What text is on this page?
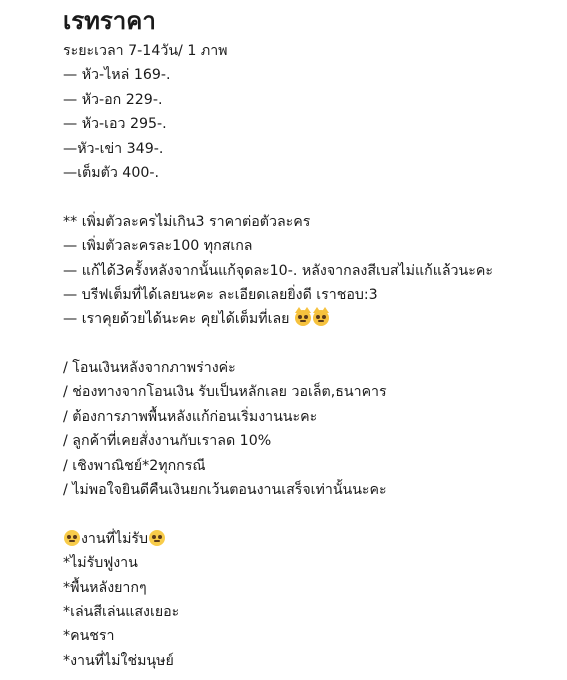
เรทราคา
ระยะเวลา 7-14วัน/ 1 ภาพ
— หัว-ไหล่ 169-.
— หัว-อก 229-.
— หัว-เอว 295-.
—หัว-เข่า 349-.
—เต็มตัว 400-.
** เพิ่มตัวละครไม่เกิน3 ราคาต่อตัวละคร
— เพิ่มตัวละครละ100 ทุกสเกล
— แก้ได้3ครั้งหลังจากนั้นแก้จุดละ10-. หลังจากลงสีเบสไม่แก้แล้วนะคะ
— บรีฟเต็มที่ได้เลยนะคะ ละเอียดเลยยิ่งดี เราชอบ:3
— เราคุยด้วยได้นะคะ คุยได้เต็มที่เลย
/ โอนเงินหลังจากภาพร่างค่ะ
/ ช่องทางจากโอนเงิน รับเป็นหลักเลย วอเล็ต,ธนาคาร
/ ต้องการภาพพื้นหลังแก้ก่อนเริ่มงานนะคะ
/ ลูกค้าที่เคยสั่งงานกับเราลด 10%
/ เชิงพาณิชย์*2ทุกกรณี
/ ไม่พอใจยินดีคืนเงินยกเว้นตอนงานเสร็จเท่านั้นนะคะ
งานที่ไม่รับ
*ไม่รับฟูงาน
*พื้นหลังยากๆ
*เล่นสีเล่นแสงเยอะ
*คนชรา
*งานที่ไม่ใช่มนุษย์
